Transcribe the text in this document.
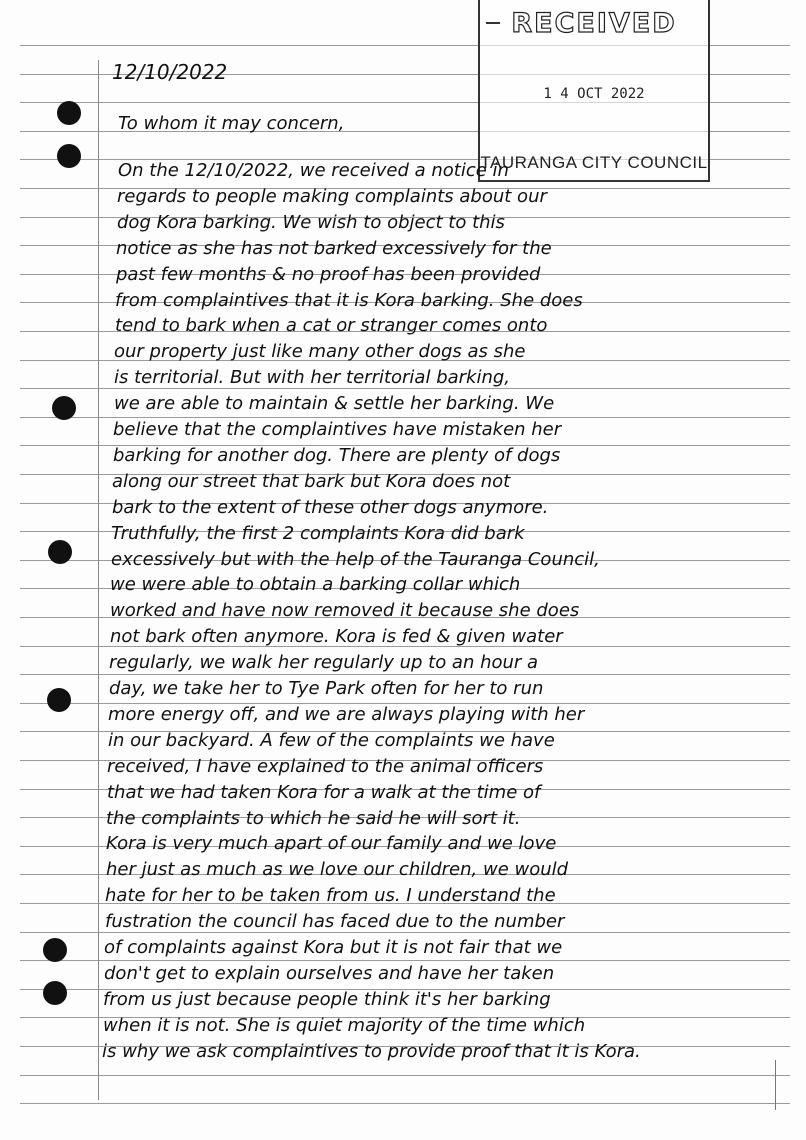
RECEIVED
1 4 OCT 2022
TAURANGA CITY COUNCIL
12/10/2022
To whom it may concern,
On the 12/10/2022, we received a notice in
regards to people making complaints about our
dog Kora barking. We wish to object to this
notice as she has not barked excessively for the
past few months & no proof has been provided
from complaintives that it is Kora barking. She does
tend to bark when a cat or stranger comes onto
our property just like many other dogs as she
is territorial. But with her territorial barking,
we are able to maintain & settle her barking. We
believe that the complaintives have mistaken her
barking for another dog. There are plenty of dogs
along our street that bark but Kora does not
bark to the extent of these other dogs anymore.
Truthfully, the first 2 complaints Kora did bark
excessively but with the help of the Tauranga Council,
we were able to obtain a barking collar which
worked and have now removed it because she does
not bark often anymore. Kora is fed & given water
regularly, we walk her regularly up to an hour a
day, we take her to Tye Park often for her to run
more energy off, and we are always playing with her
in our backyard. A few of the complaints we have
received, I have explained to the animal officers
that we had taken Kora for a walk at the time of
the complaints to which he said he will sort it.
Kora is very much apart of our family and we love
her just as much as we love our children, we would
hate for her to be taken from us. I understand the
fustration the council has faced due to the number
of complaints against Kora but it is not fair that we
don't get to explain ourselves and have her taken
from us just because people think it's her barking
when it is not. She is quiet majority of the time which
is why we ask complaintives to provide proof that it is Kora.
